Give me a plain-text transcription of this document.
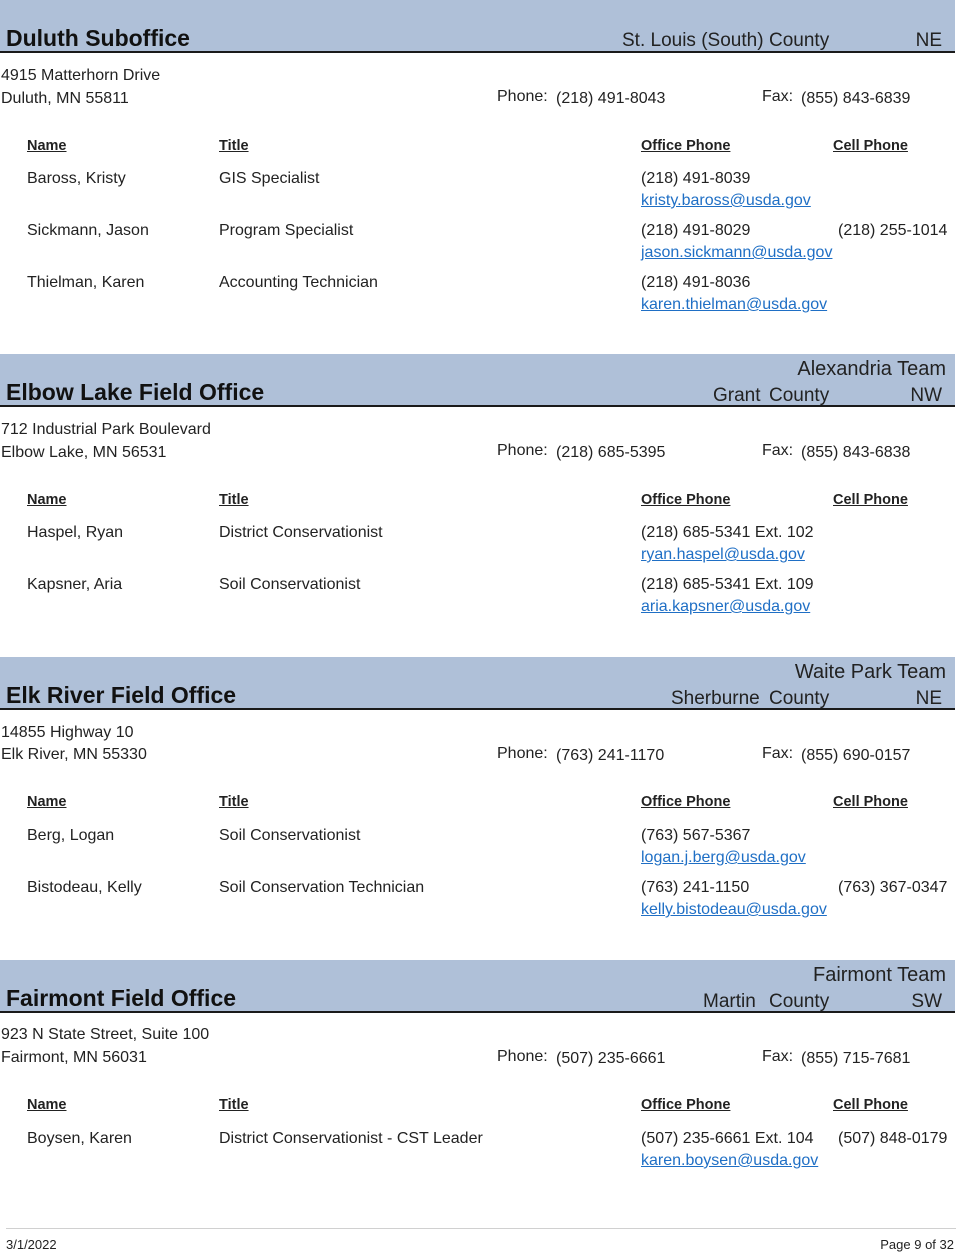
Duluth Suboffice	St. Louis (South) County	NE
4915 Matterhorn Drive
Duluth, MN 55811	Phone: (218) 491-8043	Fax: (855) 843-6839
Name	Title	Office Phone	Cell Phone
Baross, Kristy	GIS Specialist	(218) 491-8039
kristy.baross@usda.gov
Sickmann, Jason	Program Specialist	(218) 491-8029	(218) 255-1014
jason.sickmann@usda.gov
Thielman, Karen	Accounting Technician	(218) 491-8036
karen.thielman@usda.gov
Alexandria Team
Elbow Lake Field Office	Grant County	NW
712 Industrial Park Boulevard
Elbow Lake, MN 56531	Phone: (218) 685-5395	Fax: (855) 843-6838
Name	Title	Office Phone	Cell Phone
Haspel, Ryan	District Conservationist	(218) 685-5341 Ext. 102
ryan.haspel@usda.gov
Kapsner, Aria	Soil Conservationist	(218) 685-5341 Ext. 109
aria.kapsner@usda.gov
Waite Park Team
Elk River Field Office	Sherburne County	NE
14855 Highway 10
Elk River, MN 55330	Phone: (763) 241-1170	Fax: (855) 690-0157
Name	Title	Office Phone	Cell Phone
Berg, Logan	Soil Conservationist	(763) 567-5367
logan.j.berg@usda.gov
Bistodeau, Kelly	Soil Conservation Technician	(763) 241-1150	(763) 367-0347
kelly.bistodeau@usda.gov
Fairmont Team
Fairmont Field Office	Martin County	SW
923 N State Street, Suite 100
Fairmont, MN 56031	Phone: (507) 235-6661	Fax: (855) 715-7681
Name	Title	Office Phone	Cell Phone
Boysen, Karen	District Conservationist - CST Leader	(507) 235-6661 Ext. 104 (507) 848-0179
karen.boysen@usda.gov
3/1/2022	Page 9 of 32
